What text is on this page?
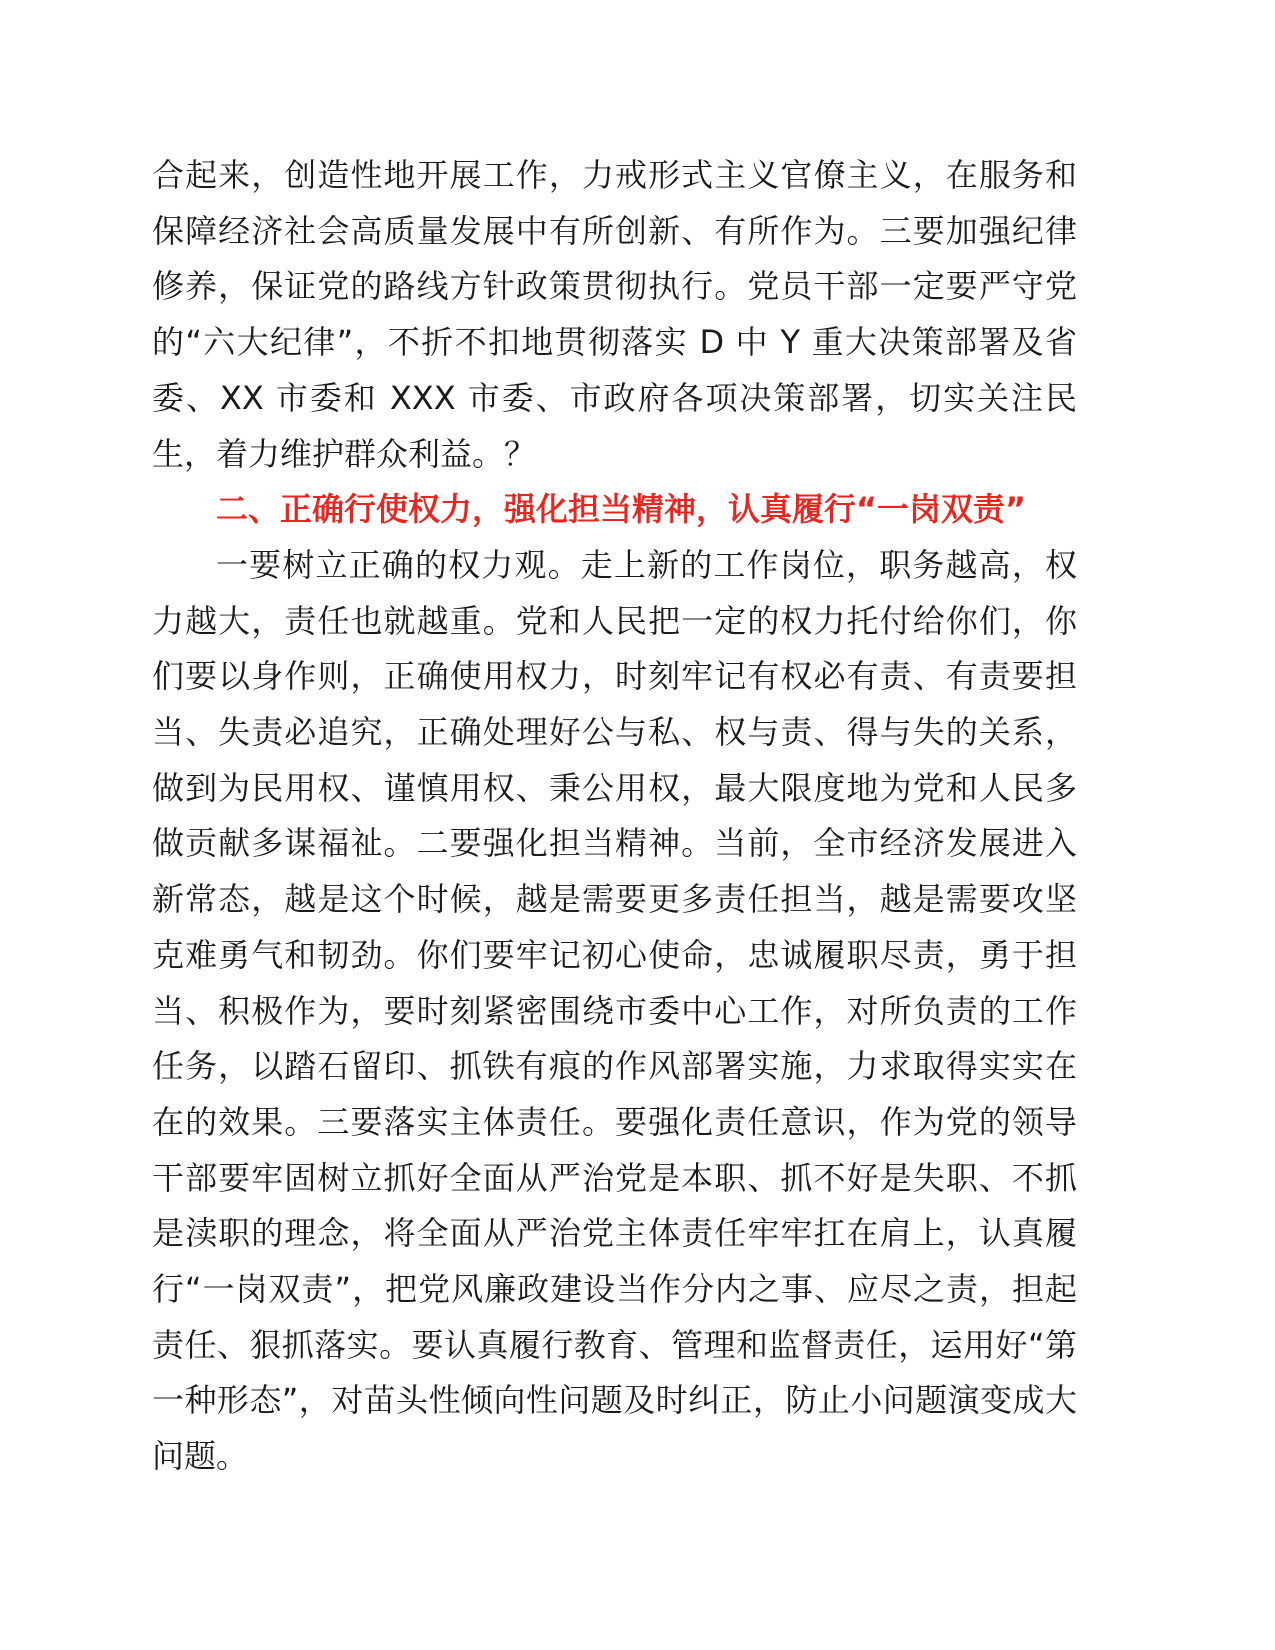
合起来，创造性地开展工作，力戒形式主义官僚主义，在服务和保障经济社会高质量发展中有所创新、有所作为。三要加强纪律修养，保证党的路线方针政策贯彻执行。党员干部一定要严守党的“六大纪律”，不折不扣地贯彻落实 D 中 Y 重大决策部署及省委、XX 市委和 XXX 市委、市政府各项决策部署，切实关注民生，着力维护群众利益。？

二、正确行使权力，强化担当精神，认真履行“一岗双责”

一要树立正确的权力观。走上新的工作岗位，职务越高，权力越大，责任也就越重。党和人民把一定的权力托付给你们，你们要以身作则，正确使用权力，时刻牢记有权必有责、有责要担当、失责必追究，正确处理好公与私、权与责、得与失的关系，做到为民用权、谨慎用权、秉公用权，最大限度地为党和人民多做贡献多谋福祉。二要强化担当精神。当前，全市经济发展进入新常态，越是这个时候，越是需要更多责任担当，越是需要攻坚克难勇气和韧劲。你们要牢记初心使命，忠诚履职尽责，勇于担当、积极作为，要时刻紧密围绕市委中心工作，对所负责的工作任务，以踏石留印、抓铁有痕的作风部署实施，力求取得实实在在的效果。三要落实主体责任。要强化责任意识，作为党的领导干部要牢固树立抓好全面从严治党是本职、抓不好是失职、不抓是渎职的理念，将全面从严治党主体责任牢牢扛在肩上，认真履行“一岗双责”，把党风廉政建设当作分内之事、应尽之责，担起责任、狠抓落实。要认真履行教育、管理和监督责任，运用好“第一种形态”，对苗头性倾向性问题及时纠正，防止小问题演变成大问题。
